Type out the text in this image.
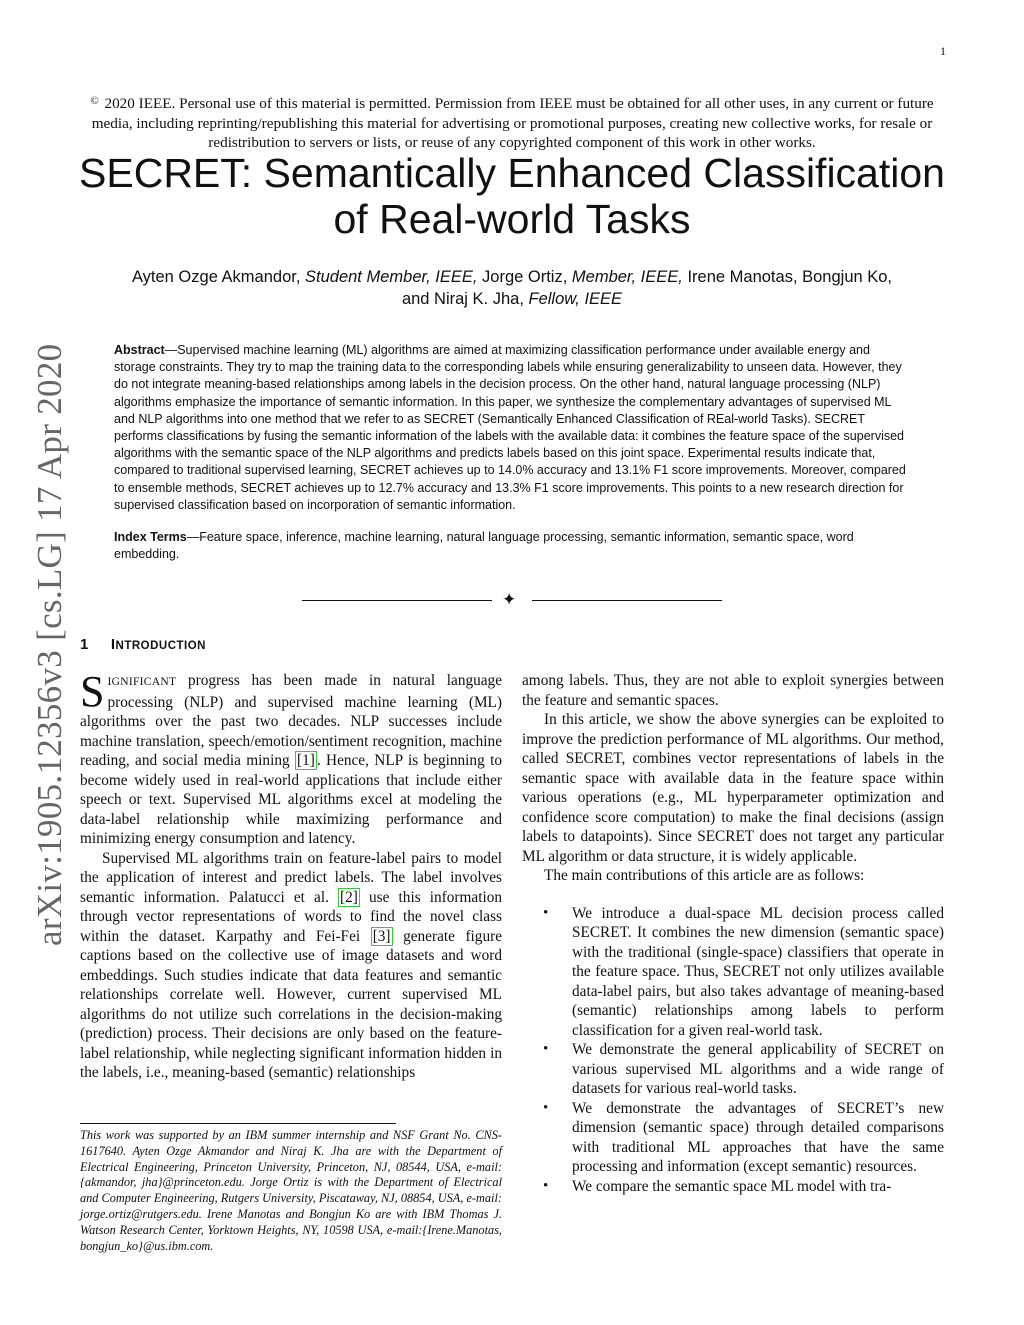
1
arXiv:1905.12356v3 [cs.LG] 17 Apr 2020
© 2020 IEEE. Personal use of this material is permitted. Permission from IEEE must be obtained for all other uses, in any current or future media, including reprinting/republishing this material for advertising or promotional purposes, creating new collective works, for resale or redistribution to servers or lists, or reuse of any copyrighted component of this work in other works.
SECRET: Semantically Enhanced Classification
of Real-world Tasks
Ayten Ozge Akmandor, Student Member, IEEE, Jorge Ortiz, Member, IEEE, Irene Manotas, Bongjun Ko,
and Niraj K. Jha, Fellow, IEEE

Abstract—Supervised machine learning (ML) algorithms are aimed at maximizing classification performance under available energy and storage constraints. They try to map the training data to the corresponding labels while ensuring generalizability to unseen data. However, they do not integrate meaning-based relationships among labels in the decision process. On the other hand, natural language processing (NLP) algorithms emphasize the importance of semantic information. In this paper, we synthesize the complementary advantages of supervised ML and NLP algorithms into one method that we refer to as SECRET (Semantically Enhanced Classification of REal-world Tasks). SECRET performs classifications by fusing the semantic information of the labels with the available data: it combines the feature space of the supervised algorithms with the semantic space of the NLP algorithms and predicts labels based on this joint space. Experimental results indicate that, compared to traditional supervised learning, SECRET achieves up to 14.0% accuracy and 13.1% F1 score improvements. Moreover, compared to ensemble methods, SECRET achieves up to 12.7% accuracy and 13.3% F1 score improvements. This points to a new research direction for supervised classification based on incorporation of semantic information.

Index Terms—Feature space, inference, machine learning, natural language processing, semantic information, semantic space, word embedding.

✦
1 INTRODUCTION

SIGNIFICANT progress has been made in natural language processing (NLP) and supervised machine learning (ML) algorithms over the past two decades. NLP successes include machine translation, speech/emotion/sentiment recognition, machine reading, and social media mining [1] . Hence, NLP is beginning to become widely used in real-world applications that include either speech or text. Supervised ML algorithms excel at modeling the data-label relationship while maximizing performance and minimizing energy consumption and latency.

Supervised ML algorithms train on feature-label pairs to model the application of interest and predict labels. The label involves semantic information. Palatucci et al. [2] use this information through vector representations of words to find the novel class within the dataset. Karpathy and Fei-Fei [3] generate figure captions based on the collective use of image datasets and word embeddings. Such studies indicate that data features and semantic relationships correlate well. However, current supervised ML algorithms do not utilize such correlations in the decision-making (prediction) process. Their decisions are only based on the feature-label relationship, while neglecting significant information hidden in the labels, i.e., meaning-based (semantic) relationships

This work was supported by an IBM summer internship and NSF Grant No. CNS-1617640. Ayten Ozge Akmandor and Niraj K. Jha are with the Department of Electrical Engineering, Princeton University, Princeton, NJ, 08544, USA, e-mail:{akmandor, jha}@princeton.edu. Jorge Ortiz is with the Department of Electrical and Computer Engineering, Rutgers University, Piscataway, NJ, 08854, USA, e-mail: jorge.ortiz@rutgers.edu. Irene Manotas and Bongjun Ko are with IBM Thomas J. Watson Research Center, Yorktown Heights, NY, 10598 USA, e-mail:{Irene.Manotas, bongjun_ko}@us.ibm.com.

among labels. Thus, they are not able to exploit synergies between the feature and semantic spaces.

In this article, we show the above synergies can be exploited to improve the prediction performance of ML algorithms. Our method, called SECRET, combines vector representations of labels in the semantic space with available data in the feature space within various operations (e.g., ML hyperparameter optimization and confidence score computation) to make the final decisions (assign labels to datapoints). Since SECRET does not target any particular ML algorithm or data structure, it is widely applicable.

The main contributions of this article are as follows:

• We introduce a dual-space ML decision process called SECRET. It combines the new dimension (semantic space) with the traditional (single-space) classifiers that operate in the feature space. Thus, SECRET not only utilizes available data-label pairs, but also takes advantage of meaning-based (semantic) relationships among labels to perform classification for a given real-world task.
• We demonstrate the general applicability of SECRET on various supervised ML algorithms and a wide range of datasets for various real-world tasks.
• We demonstrate the advantages of SECRET’s new dimension (semantic space) through detailed comparisons with traditional ML approaches that have the same processing and information (except semantic) resources.
• We compare the semantic space ML model with tra-
